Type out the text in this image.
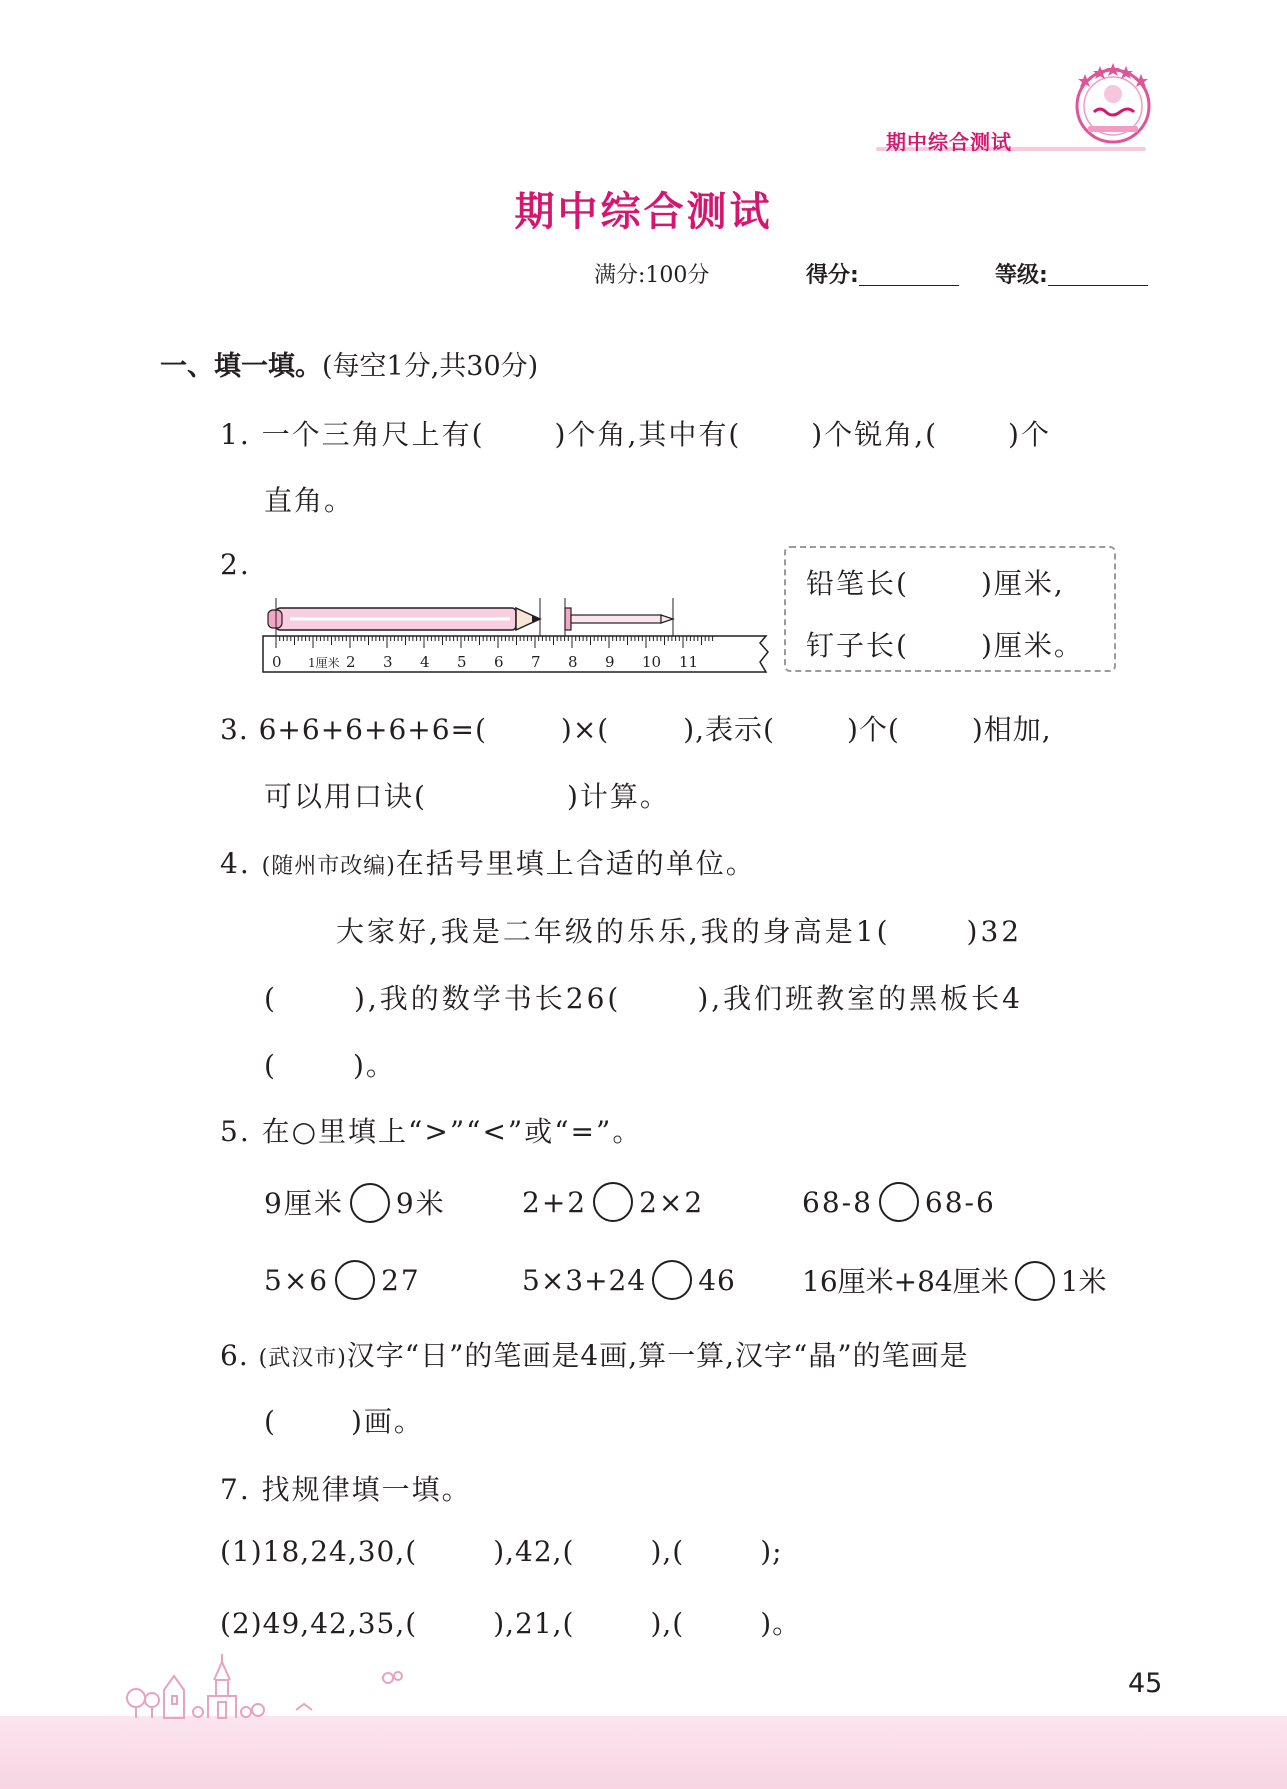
期中综合测试
期中综合测试
满分:100分	得分:	等级:
一、填一填。(每空1分,共30分)
1. 一个三角尺上有(	)个角,其中有(	)个锐角,(	)个
直角。
2.
0 1厘米 2 3 4 5 6 7 8 9 10 11
铅笔长(	)厘米,
钉子长(	)厘米。
3. 6+6+6+6+6=(	)×(	),表示(	)个(	)相加,
可以用口诀(	)计算。
4. (随州市改编)在括号里填上合适的单位。
大家好,我是二年级的乐乐,我的身高是1(	)32
(	),我的数学书长26(	),我们班教室的黑板长4
(	)。
5. 在○里填上“>”“<”或“=”。
9厘米 9米	2+2 2×2	68-8 68-6
5×6 27	5×3+24 46 16厘米+84厘米 1米
6. (武汉市)汉字“日”的笔画是4画,算一算,汉字“晶”的笔画是
(	)画。
7. 找规律填一填。
(1)18,24,30,(	),42,(	),(	);
(2)49,42,35,(	),21,(	),(	)。
45
